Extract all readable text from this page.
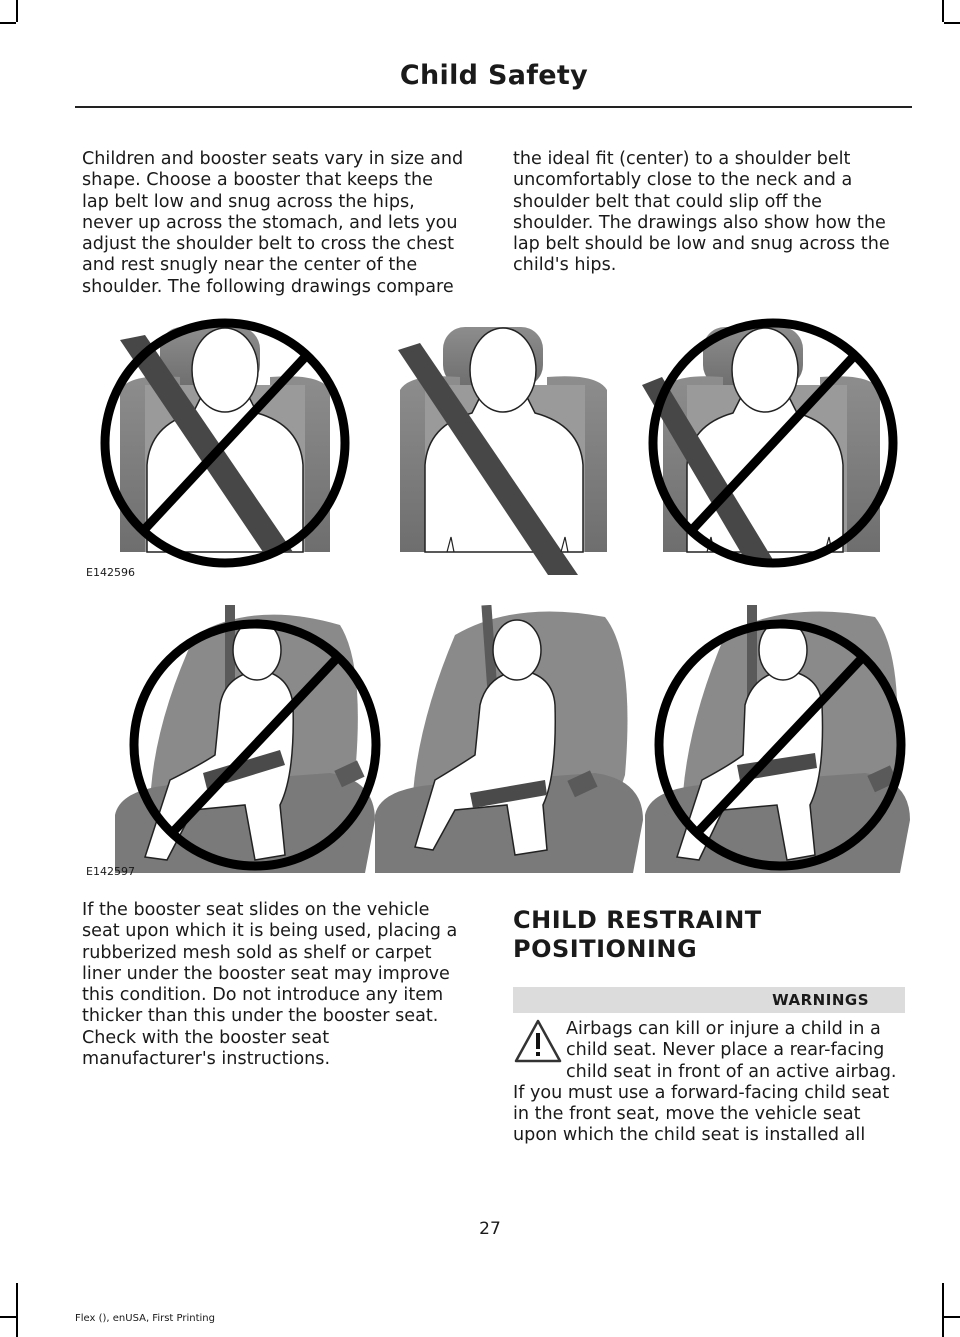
Child Safety
Children and booster seats vary in size and
shape. Choose a booster that keeps the
lap belt low and snug across the hips,
never up across the stomach, and lets you
adjust the shoulder belt to cross the chest
and rest snugly near the center of the
shoulder. The following drawings compare
the ideal fit (center) to a shoulder belt
uncomfortably close to the neck and a
shoulder belt that could slip off the
shoulder. The drawings also show how the
lap belt should be low and snug across the
child's hips.
E142596
E142597
If the booster seat slides on the vehicle
seat upon which it is being used, placing a
rubberized mesh sold as shelf or carpet
liner under the booster seat may improve
this condition. Do not introduce any item
thicker than this under the booster seat.
Check with the booster seat
manufacturer's instructions.
CHILD RESTRAINT
POSITIONING
WARNINGS
Airbags can kill or injure a child in a
child seat. Never place a rear-facing
child seat in front of an active airbag.
If you must use a forward-facing child seat
in the front seat, move the vehicle seat
upon which the child seat is installed all
27
Flex (), enUSA, First Printing
